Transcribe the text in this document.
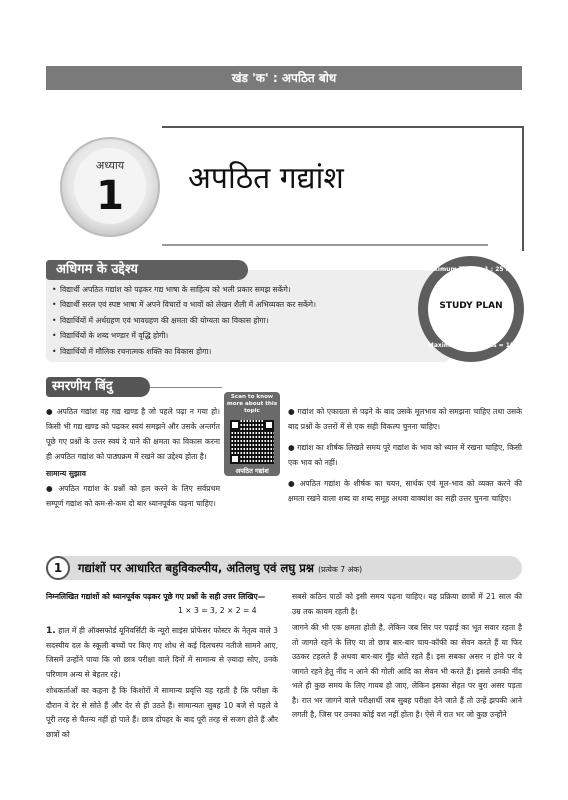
खंड 'क' : अपठित बोध
अध्याय
1	अपठित गद्यांश
अधिगम के उद्देश्य
• विद्यार्थी अपठित गद्यांश को पढ़कर गद्य भाषा के साहित्य को भली प्रकार समझ सकेंगे।
• विद्यार्थी सरल एवं स्पष्ट भाषा में अपने विचारों व भावों को लेखन शैली में अभिव्यक्त कर सकेंगे।
• विद्यार्थियों में अर्थग्रहण एवं भावग्रहण की क्षमता की योग्यता का विकास होगा।
• विद्यार्थियों के शब्द भण्डार में वृद्धि होगी।
• विद्यार्थियों में मौलिक रचनात्मक शक्ति का विकास होगा।
Maximum Time = 1 : 25 Min
STUDY PLAN
Maximum Questions = 15
स्मरणीय बिंदु

● अपठित गद्यांश वह गद्य खण्ड है जो पहले पढ़ा न गया हो। किसी भी गद्य खण्ड को पढ़कर स्वयं समझने और उसके अन्तर्गत पूछे गए प्रश्नों के उत्तर स्वयं दे पाने की क्षमता का विकास करना ही अपठित गद्यांश को पाठ्यक्रम में रखने का उद्देश्य होता है।

सामान्य सुझाव

● अपठित गद्यांश के प्रश्नों को हल करने के लिए सर्वप्रथम सम्पूर्ण गद्यांश को कम-से-कम दो बार ध्यानपूर्वक पढ़ना चाहिए।

Scan to know more about this topic
अपठित गद्यांश

● गद्यांश को एकाग्रता से पढ़ने के बाद उसके मूलभाव को समझना चाहिए तथा उसके बाद प्रश्नों के उत्तरों में से एक सही विकल्प चुनना चाहिए।

● गद्यांश का शीर्षक लिखते समय पूरे गद्यांश के भाव को ध्यान में रखना चाहिए, किसी एक भाव को नहीं।

● अपठित गद्यांश के शीर्षक का चयन, सार्थक एवं मूल-भाव को व्यक्त करने की क्षमता रखने वाला शब्द या शब्द समूह अथवा वाक्यांश का सही उत्तर चुनना चाहिए।

1	गद्यांशों पर आधारित बहुविकल्पीय, अतिलघु एवं लघु प्रश्न (प्रत्येक 7 अंक)
निम्नलिखित गद्यांशों को ध्यानपूर्वक पढ़कर पूछे गए प्रश्नों के सही उत्तर लिखिए—
1 × 3 = 3, 2 × 2 = 4

1. हाल में ही ऑक्सफोर्ड यूनिवर्सिटी के न्यूरो साइंस प्रोफेसर फोस्टर के नेतृत्व वाले 3 सदस्यीय दल के स्कूली बच्चों पर किए गए शोध से कई दिलचस्प नतीजे सामने आए, जिसमें उन्होंने पाया कि जो छात्र परीक्षा वाले दिनों में सामान्य से ज़्यादा सोए, उनके परिणाम अन्य से बेहतर रहे।

शोधकर्ताओं का कहना है कि किशोरों में सामान्य प्रवृत्ति यह रहती है कि परीक्षा के दौरान वे देर से सोते हैं और देर से ही उठते हैं। सामान्यतः सुबह 10 बजे से पहले वे पूरी तरह से चैतन्य नहीं हो पाते हैं। छात्र दोपहर के बाद पूरी तरह से सजग होते हैं और छात्रों को

सबसे कठिन पाठों को इसी समय पढ़ना चाहिए। यह प्रक्रिया छात्रों में 21 साल की उम्र तक कायम रहती है।

जागने की भी एक क्षमता होती है, लेकिन जब सिर पर पढ़ाई का भूत सवार रहता है तो जागते रहने के लिए या तो छात्र बार-बार चाय-कॉफी का सेवन करते हैं या फिर उठकर टहलते हैं अथवा बार-बार मुँह धोते रहते हैं। इस सबका असर न होने पर वे जागते रहने हेतु नींद न आने की गोली आदि का सेवन भी करते हैं। इससे उनकी नींद भले ही कुछ समय के लिए गायब हो जाए, लेकिन इसका सेहत पर बुरा असर पड़ता है। रात भर जागने वाले परीक्षार्थी जब सुबह परीक्षा देने जाते हैं तो उन्हें झपकी आने लगती है, जिस पर उनका कोई वश नहीं होता है। ऐसे में रात भर जो कुछ उन्होंने
